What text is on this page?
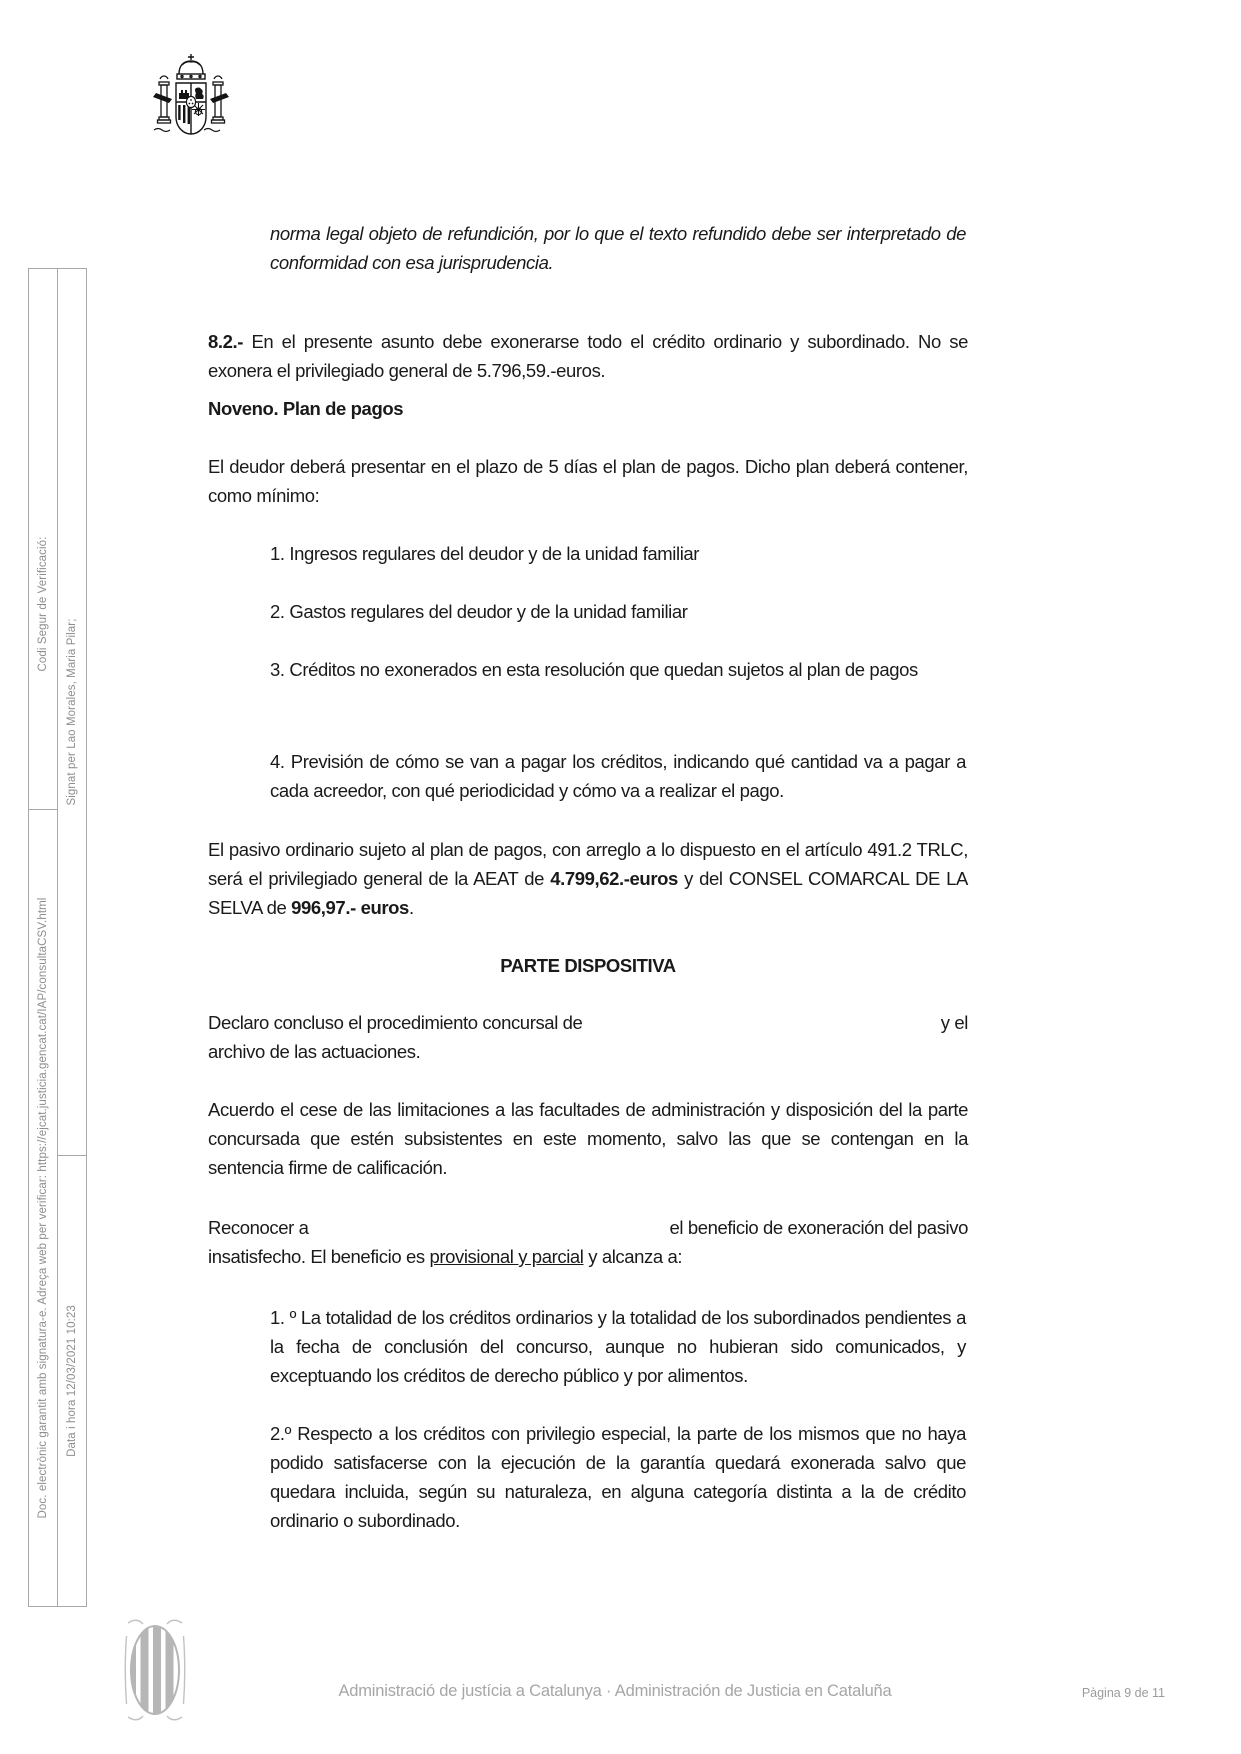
Codi Segur de Verificació:
Doc. electrònic garantit amb signatura-e. Adreça web per verificar: https://ejcat.justicia.gencat.cat/IAP/consultaCSV.html
Signat per Lao Morales, Maria Pilar;
Data i hora 12/03/2021 10:23
norma legal objeto de refundición, por lo que el texto refundido debe ser interpretado de conformidad con esa jurisprudencia.
8.2.- En el presente asunto debe exonerarse todo el crédito ordinario y subordinado. No se exonera el privilegiado general de 5.796,59.-euros.
Noveno. Plan de pagos
El deudor deberá presentar en el plazo de 5 días el plan de pagos. Dicho plan deberá contener, como mínimo:
1. Ingresos regulares del deudor y de la unidad familiar
2. Gastos regulares del deudor y de la unidad familiar
3. Créditos no exonerados en esta resolución que quedan sujetos al plan de pagos
4. Previsión de cómo se van a pagar los créditos, indicando qué cantidad va a pagar a cada acreedor, con qué periodicidad y cómo va a realizar el pago.
El pasivo ordinario sujeto al plan de pagos, con arreglo a lo dispuesto en el artículo 491.2 TRLC, será el privilegiado general de la AEAT de 4.799,62.-euros y del CONSEL COMARCAL DE LA SELVA de 996,97.- euros.
PARTE DISPOSITIVA
Declaro concluso el procedimiento concursal de	y el
archivo de las actuaciones.
Acuerdo el cese de las limitaciones a las facultades de administración y disposición del la parte concursada que estén subsistentes en este momento, salvo las que se contengan en la sentencia firme de calificación.
Reconocer a	el beneficio de exoneración del pasivo
insatisfecho. El beneficio es provisional y parcial y alcanza a:
1. º La totalidad de los créditos ordinarios y la totalidad de los subordinados pendientes a la fecha de conclusión del concurso, aunque no hubieran sido comunicados, y exceptuando los créditos de derecho público y por alimentos.
2.º Respecto a los créditos con privilegio especial, la parte de los mismos que no haya podido satisfacerse con la ejecución de la garantía quedará exonerada salvo que quedara incluida, según su naturaleza, en alguna categoría distinta a la de crédito ordinario o subordinado.
Administració de justícia a Catalunya · Administración de Justicia en Cataluña	Pàgina 9 de 11
